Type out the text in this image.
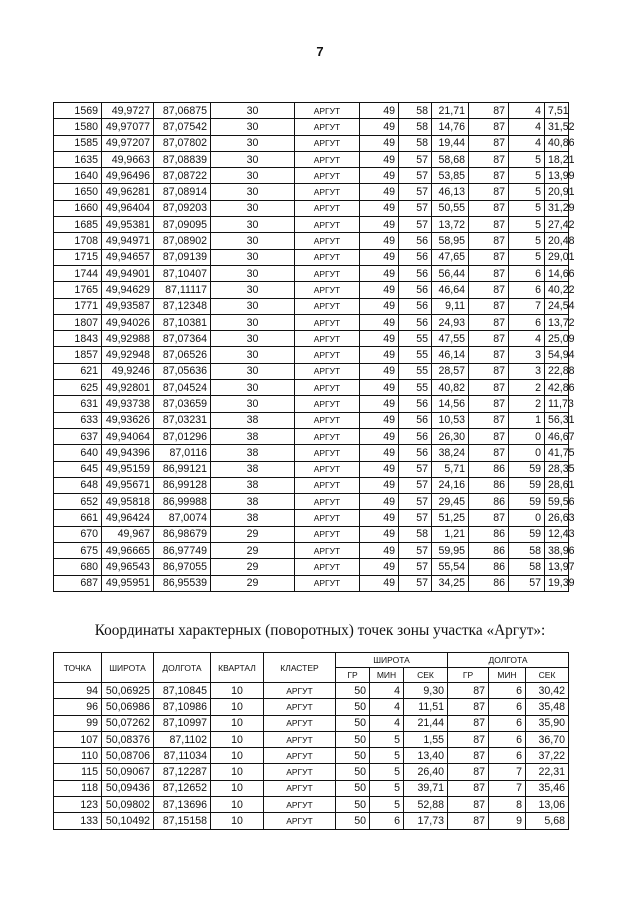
7
1569	49,9727	87,06875	30	АРГУТ	49	58	21,71	87	4	7,51
1580	49,97077	87,07542	30	АРГУТ	49	58	14,76	87	4	31,52
1585	49,97207	87,07802	30	АРГУТ	49	58	19,44	87	4	40,86
1635	49,9663	87,08839	30	АРГУТ	49	57	58,68	87	5	18,21
1640	49,96496	87,08722	30	АРГУТ	49	57	53,85	87	5	13,99
1650	49,96281	87,08914	30	АРГУТ	49	57	46,13	87	5	20,91
1660	49,96404	87,09203	30	АРГУТ	49	57	50,55	87	5	31,29
1685	49,95381	87,09095	30	АРГУТ	49	57	13,72	87	5	27,42
1708	49,94971	87,08902	30	АРГУТ	49	56	58,95	87	5	20,48
1715	49,94657	87,09139	30	АРГУТ	49	56	47,65	87	5	29,01
1744	49,94901	87,10407	30	АРГУТ	49	56	56,44	87	6	14,66
1765	49,94629	87,11117	30	АРГУТ	49	56	46,64	87	6	40,22
1771	49,93587	87,12348	30	АРГУТ	49	56	9,11	87	7	24,54
1807	49,94026	87,10381	30	АРГУТ	49	56	24,93	87	6	13,72
1843	49,92988	87,07364	30	АРГУТ	49	55	47,55	87	4	25,09
1857	49,92948	87,06526	30	АРГУТ	49	55	46,14	87	3	54,94
621	49,9246	87,05636	30	АРГУТ	49	55	28,57	87	3	22,88
625	49,92801	87,04524	30	АРГУТ	49	55	40,82	87	2	42,86
631	49,93738	87,03659	30	АРГУТ	49	56	14,56	87	2	11,73
633	49,93626	87,03231	38	АРГУТ	49	56	10,53	87	1	56,31
637	49,94064	87,01296	38	АРГУТ	49	56	26,30	87	0	46,67
640	49,94396	87,0116	38	АРГУТ	49	56	38,24	87	0	41,75
645	49,95159	86,99121	38	АРГУТ	49	57	5,71	86	59	28,35
648	49,95671	86,99128	38	АРГУТ	49	57	24,16	86	59	28,61
652	49,95818	86,99988	38	АРГУТ	49	57	29,45	86	59	59,56
661	49,96424	87,0074	38	АРГУТ	49	57	51,25	87	0	26,63
670	49,967	86,98679	29	АРГУТ	49	58	1,21	86	59	12,43
675	49,96665	86,97749	29	АРГУТ	49	57	59,95	86	58	38,96
680	49,96543	86,97055	29	АРГУТ	49	57	55,54	86	58	13,97
687	49,95951	86,95539	29	АРГУТ	49	57	34,25	86	57	19,39
Координаты характерных (поворотных) точек зоны участка «Аргут»:
ТОЧКА	ШИРОТА	ДОЛГОТА	КВАРТАЛ	КЛАСТЕР	ШИРОТА			ДОЛГОТА		
					ГР	МИН	СЕК	ГР	МИН	СЕК
94	50,06925	87,10845	10	АРГУТ	50	4	9,30	87	6	30,42
96	50,06986	87,10986	10	АРГУТ	50	4	11,51	87	6	35,48
99	50,07262	87,10997	10	АРГУТ	50	4	21,44	87	6	35,90
107	50,08376	87,1102	10	АРГУТ	50	5	1,55	87	6	36,70
110	50,08706	87,11034	10	АРГУТ	50	5	13,40	87	6	37,22
115	50,09067	87,12287	10	АРГУТ	50	5	26,40	87	7	22,31
118	50,09436	87,12652	10	АРГУТ	50	5	39,71	87	7	35,46
123	50,09802	87,13696	10	АРГУТ	50	5	52,88	87	8	13,06
133	50,10492	87,15158	10	АРГУТ	50	6	17,73	87	9	5,68
